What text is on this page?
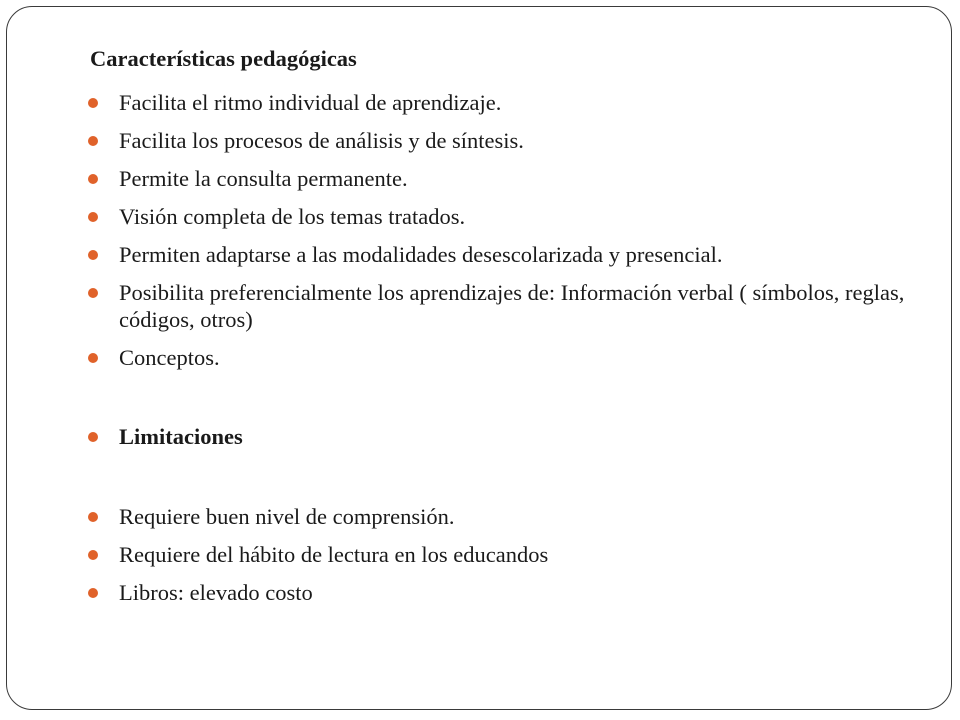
Características pedagógicas
Facilita el ritmo individual de aprendizaje.
Facilita los procesos de análisis y de síntesis.
Permite la consulta permanente.
Visión completa de los temas tratados.
Permiten adaptarse a las modalidades desescolarizada y presencial.
Posibilita preferencialmente los aprendizajes de: Información verbal ( símbolos, reglas, códigos, otros)
Conceptos.
Limitaciones
Requiere buen nivel de comprensión.
Requiere del hábito de lectura en los educandos
Libros: elevado costo
